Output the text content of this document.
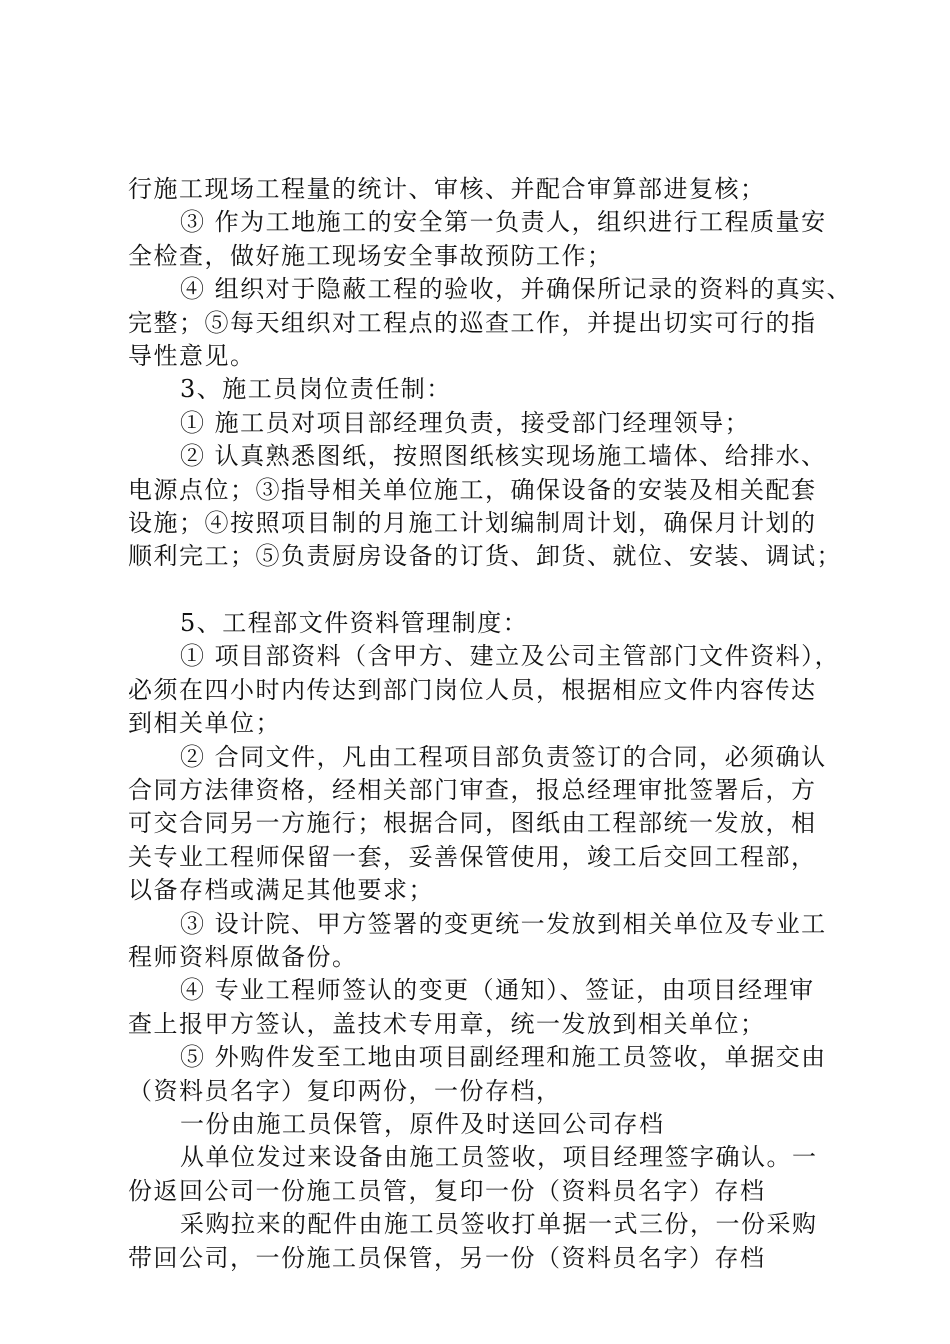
行施工现场工程量的统计、审核、并配合审算部进复核；
③ 作为工地施工的安全第一负责人，组织进行工程质量安
全检查，做好施工现场安全事故预防工作；
④ 组织对于隐蔽工程的验收，并确保所记录的资料的真实、
完整；⑤每天组织对工程点的巡查工作，并提出切实可行的指
导性意见。
3、施工员岗位责任制：
① 施工员对项目部经理负责，接受部门经理领导；
② 认真熟悉图纸，按照图纸核实现场施工墙体、给排水、
电源点位；③指导相关单位施工，确保设备的安装及相关配套
设施；④按照项目制的月施工计划编制周计划，确保月计划的
顺利完工；⑤负责厨房设备的订货、卸货、就位、安装、调试；
5、工程部文件资料管理制度：
① 项目部资料（含甲方、建立及公司主管部门文件资料），
必须在四小时内传达到部门岗位人员，根据相应文件内容传达
到相关单位；
② 合同文件，凡由工程项目部负责签订的合同，必须确认
合同方法律资格，经相关部门审查，报总经理审批签署后，方
可交合同另一方施行；根据合同，图纸由工程部统一发放，相
关专业工程师保留一套，妥善保管使用，竣工后交回工程部，
以备存档或满足其他要求；
③ 设计院、甲方签署的变更统一发放到相关单位及专业工
程师资料原做备份。
④ 专业工程师签认的变更（通知）、签证，由项目经理审
查上报甲方签认，盖技术专用章，统一发放到相关单位；
⑤ 外购件发至工地由项目副经理和施工员签收，单据交由
（资料员名字）复印两份，一份存档，
一份由施工员保管，原件及时送回公司存档
从单位发过来设备由施工员签收，项目经理签字确认。一
份返回公司一份施工员管，复印一份（资料员名字）存档
采购拉来的配件由施工员签收打单据一式三份，一份采购
带回公司，一份施工员保管，另一份（资料员名字）存档
